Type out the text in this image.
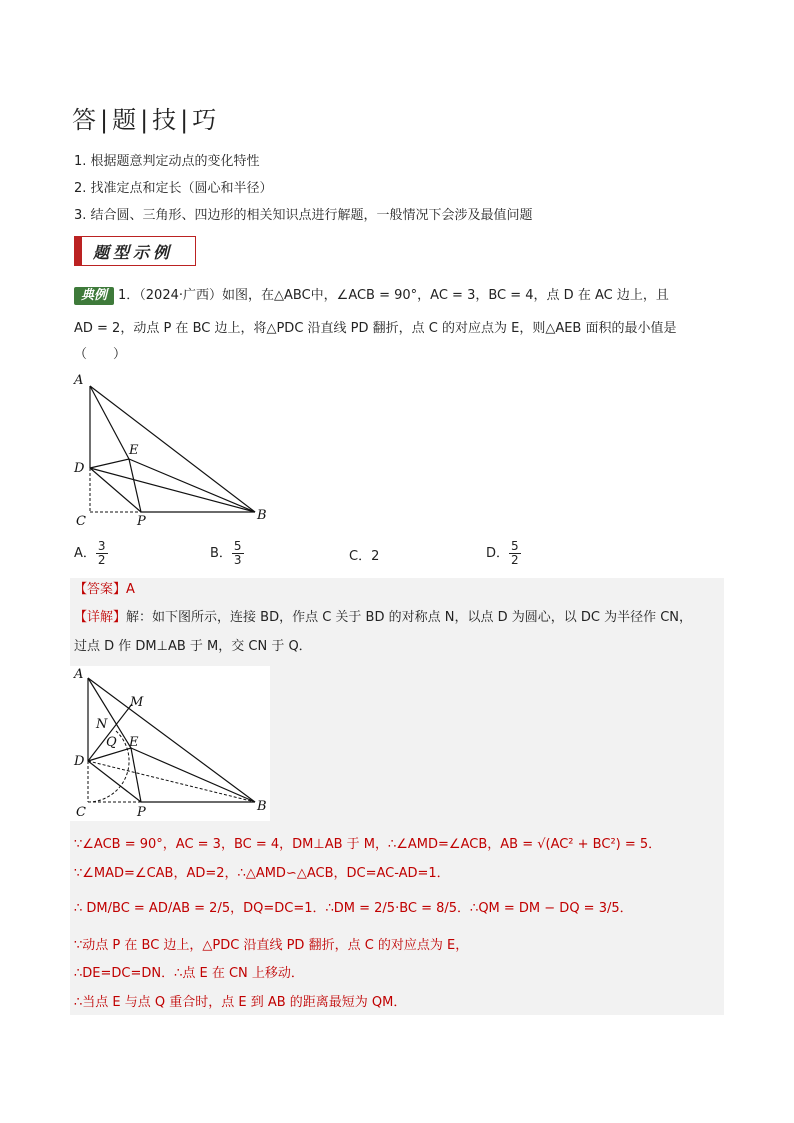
答|题|技|巧
1. 根据题意判定动点的变化特性
2. 找准定点和定长（圆心和半径）
3. 结合圆、三角形、四边形的相关知识点进行解题，一般情况下会涉及最值问题
题型示例
典例 1．（2024·广西）如图，在△ABC中，∠ACB = 90°，AC = 3，BC = 4，点 D 在 AC 边上，且
AD = 2，动点 P 在 BC 边上，将△PDC 沿直线 PD 翻折，点 C 的对应点为 E，则△AEB 面积的最小值是
（　　）
A
D
C	P	B
E
A． $\frac{3}{2}$	B． $\frac{5}{3}$	C．2	D． $\frac{5}{2}$
【答案】A
【详解】解：如下图所示，连接 BD，作点 C 关于 BD 的对称点 N，以点 D 为圆心，以 DC 为半径作 CN，
过点 D 作 DM⊥AB 于 M，交 CN 于 Q．
A
M
N
Q E
D
C	P	B
∵∠ACB = 90°，AC = 3，BC = 4，DM⊥AB 于 M，∴∠AMD=∠ACB，AB = √(AC² + BC²) = 5．
∵∠MAD=∠CAB，AD=2，∴△AMD∽△ACB，DC=AC-AD=1．
∴ DM/BC = AD/AB = 2/5，DQ=DC=1．∴DM = 2/5·BC = 8/5．∴QM = DM − DQ = 3/5．
∵动点 P 在 BC 边上，△PDC 沿直线 PD 翻折，点 C 的对应点为 E，
∴DE=DC=DN．∴点 E 在 CN 上移动．
∴当点 E 与点 Q 重合时，点 E 到 AB 的距离最短为 QM．
